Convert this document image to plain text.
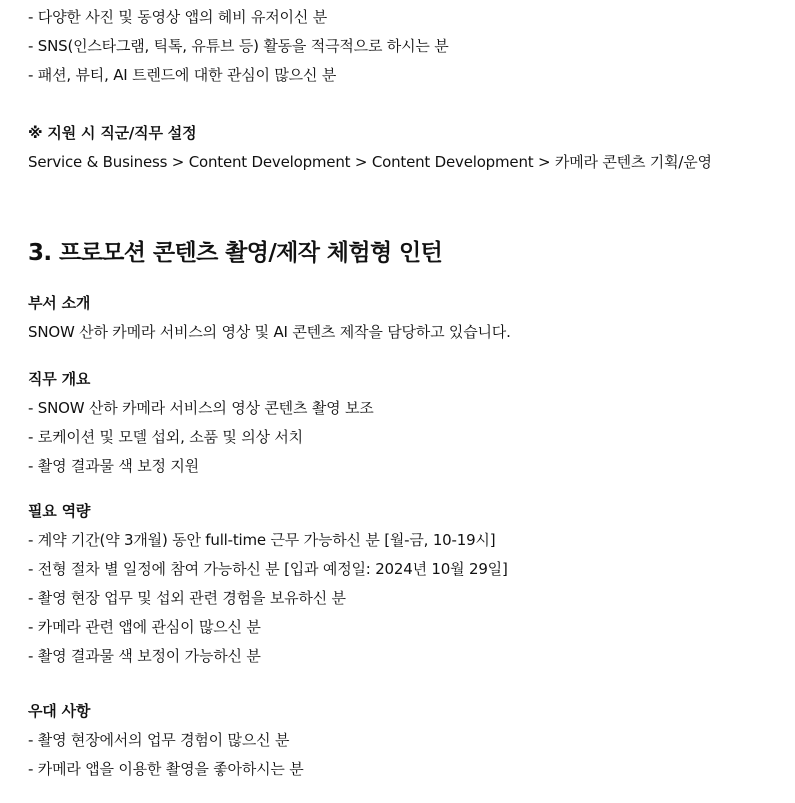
- 다양한 사진 및 동영상 앱의 헤비 유저이신 분
- SNS(인스타그램, 틱톡, 유튜브 등) 활동을 적극적으로 하시는 분
- 패션, 뷰티, AI 트렌드에 대한 관심이 많으신 분
※ 지원 시 직군/직무 설정
Service & Business > Content Development > Content Development > 카메라 콘텐츠 기획/운영
3. 프로모션 콘텐츠 촬영/제작 체험형 인턴
부서 소개
SNOW 산하 카메라 서비스의 영상 및 AI 콘텐츠 제작을 담당하고 있습니다.
직무 개요
- SNOW 산하 카메라 서비스의 영상 콘텐츠 촬영 보조
- 로케이션 및 모델 섭외, 소품 및 의상 서치
- 촬영 결과물 색 보정 지원
필요 역량
- 계약 기간(약 3개월) 동안 full-time 근무 가능하신 분 [월-금, 10-19시]
- 전형 절차 별 일정에 참여 가능하신 분 [입과 예정일: 2024년 10월 29일]
- 촬영 현장 업무 및 섭외 관련 경험을 보유하신 분
- 카메라 관련 앱에 관심이 많으신 분
- 촬영 결과물 색 보정이 가능하신 분
우대 사항
- 촬영 현장에서의 업무 경험이 많으신 분
- 카메라 앱을 이용한 촬영을 좋아하시는 분
